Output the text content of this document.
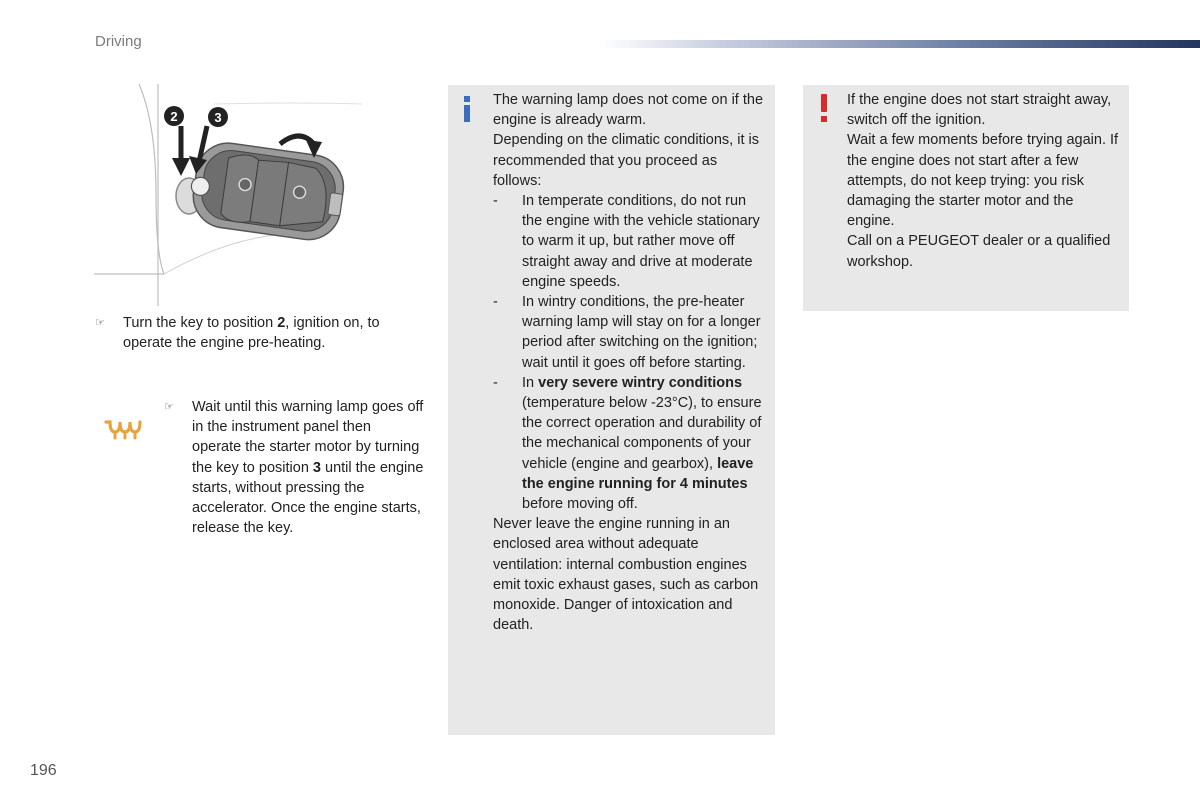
Driving
2	3
☞ Turn the key to position 2, ignition on, to operate the engine pre-heating.
☞ Wait until this warning lamp goes off in the instrument panel then operate the starter motor by turning the key to position 3 until the engine starts, without pressing the accelerator. Once the engine starts, release the key.
The warning lamp does not come on if the engine is already warm.
Depending on the climatic conditions, it is recommended that you proceed as follows:
- In temperate conditions, do not run the engine with the vehicle stationary to warm it up, but rather move off straight away and drive at moderate engine speeds.
- In wintry conditions, the pre-heater warning lamp will stay on for a longer period after switching on the ignition; wait until it goes off before starting.
- In very severe wintry conditions (temperature below -23°C), to ensure the correct operation and durability of the mechanical components of your vehicle (engine and gearbox), leave the engine running for 4 minutes before moving off.
Never leave the engine running in an enclosed area without adequate ventilation: internal combustion engines emit toxic exhaust gases, such as carbon monoxide. Danger of intoxication and death.
If the engine does not start straight away, switch off the ignition.
Wait a few moments before trying again. If the engine does not start after a few attempts, do not keep trying: you risk damaging the starter motor and the engine.
Call on a PEUGEOT dealer or a qualified workshop.
196
